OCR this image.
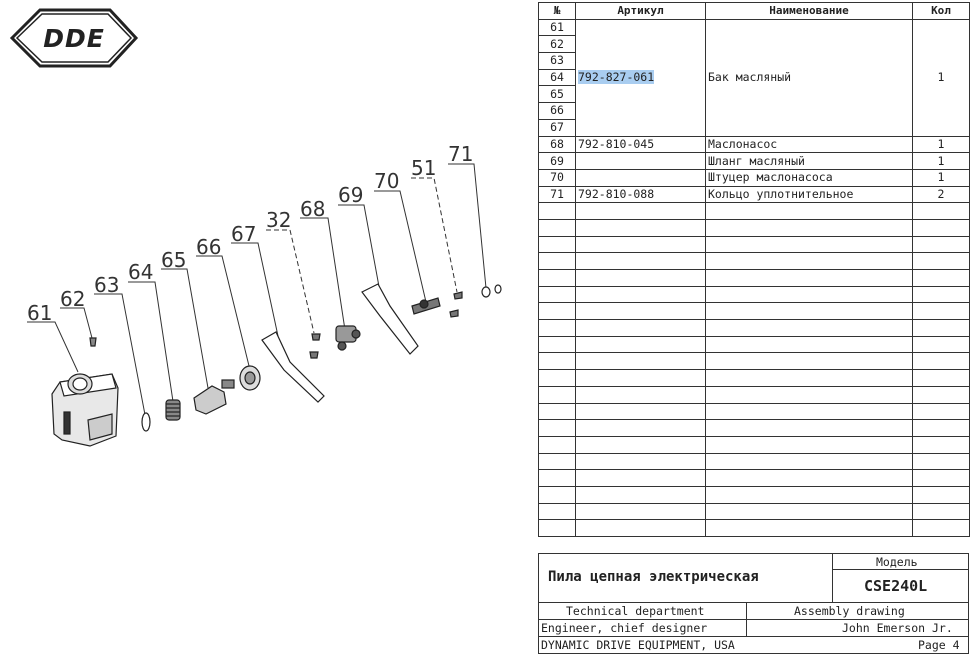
DDE
61
62
63
64 65
66
67
32 68
69
70
51
71
№	Артикул	Наименование	Кол
61	792-827-061	Бак масляный	1
62			
63			
64			
65			
66			
67			
68	792-810-045	Маслонасос	1
69		Шланг масляный	1
70		Штуцер маслонасоса	1
71	792-810-088	Кольцо уплотнительное	2

Пила цепная электрическая
Модель
CSE240L
Technical department	Assembly drawing
Engineer, chief designer	John Emerson Jr.
DYNAMIC DRIVE EQUIPMENT, USA	Page 4
